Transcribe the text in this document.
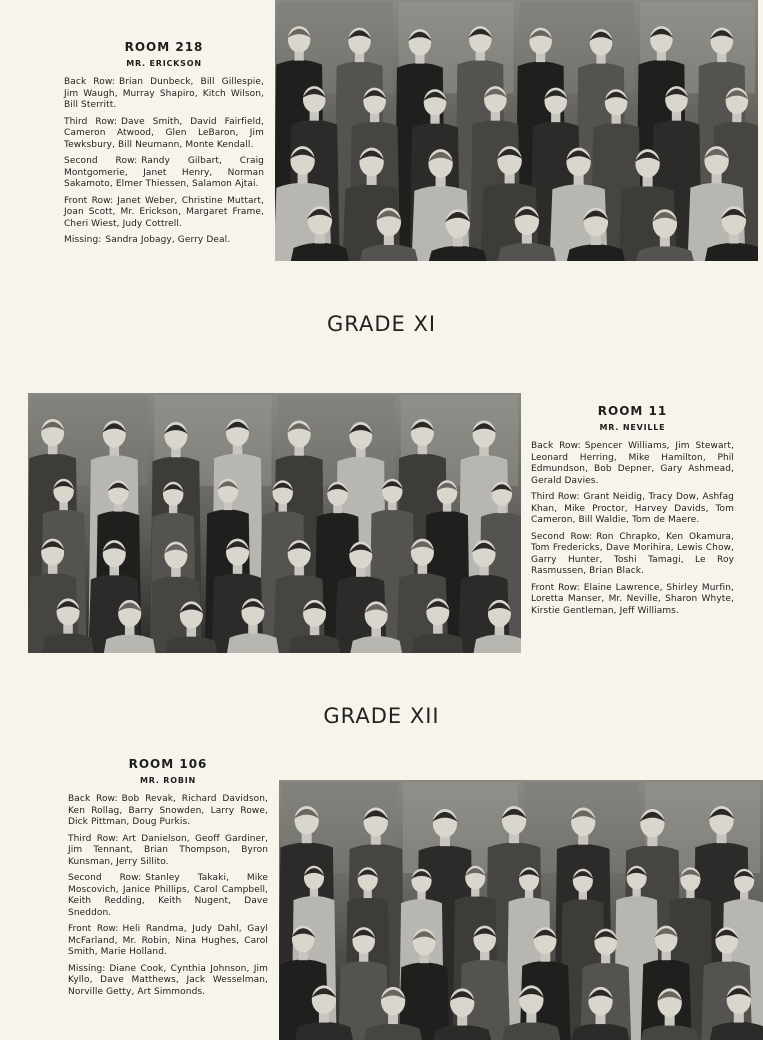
ROOM 218
MR. ERICKSON
Back Row: Brian Dunbeck, Bill Gillespie, Jim Waugh, Murray Shapiro, Kitch Wilson, Bill Sterritt.
Third Row: Dave Smith, David Fairfield, Cameron Atwood, Glen LeBaron, Jim Tewksbury, Bill Neumann, Monte Kendall.
Second Row: Randy Gilbart, Craig Montgomerie, Janet Henry, Norman Sakamoto, Elmer Thiessen, Salamon Ajtai.
Front Row: Janet Weber, Christine Muttart, Joan Scott, Mr. Erickson, Margaret Frame, Cheri Wiest, Judy Cottrell.
Missing: Sandra Jobagy, Gerry Deal.
GRADE XI
ROOM 11
MR. NEVILLE
Back Row: Spencer Williams, Jim Stewart, Leonard Herring, Mike Hamilton, Phil Edmundson, Bob Depner, Gary Ashmead, Gerald Davies.
Third Row: Grant Neidig, Tracy Dow, Ashfag Khan, Mike Proctor, Harvey Davids, Tom Cameron, Bill Waldie, Tom de Maere.
Second Row: Ron Chrapko, Ken Okamura, Tom Fredericks, Dave Morihira, Lewis Chow, Garry Hunter, Toshi Tamagi, Le Roy Rasmussen, Brian Black.
Front Row: Elaine Lawrence, Shirley Murfin, Loretta Manser, Mr. Neville, Sharon Whyte, Kirstie Gentleman, Jeff Williams.
GRADE XII
ROOM 106
MR. ROBIN
Back Row: Bob Revak, Richard Davidson, Ken Rollag, Barry Snowden, Larry Rowe, Dick Pittman, Doug Purkis.
Third Row: Art Danielson, Geoff Gardiner, Jim Tennant, Brian Thompson, Byron Kunsman, Jerry Sillito.
Second Row: Stanley Takaki, Mike Moscovich, Janice Phillips, Carol Campbell, Keith Redding, Keith Nugent, Dave Sneddon.
Front Row: Heli Randma, Judy Dahl, Gayl McFarland, Mr. Robin, Nina Hughes, Carol Smith, Marie Holland.
Missing: Diane Cook, Cynthia Johnson, Jim Kyllo, Dave Matthews, Jack Wesselman, Norville Getty, Art Simmonds.
